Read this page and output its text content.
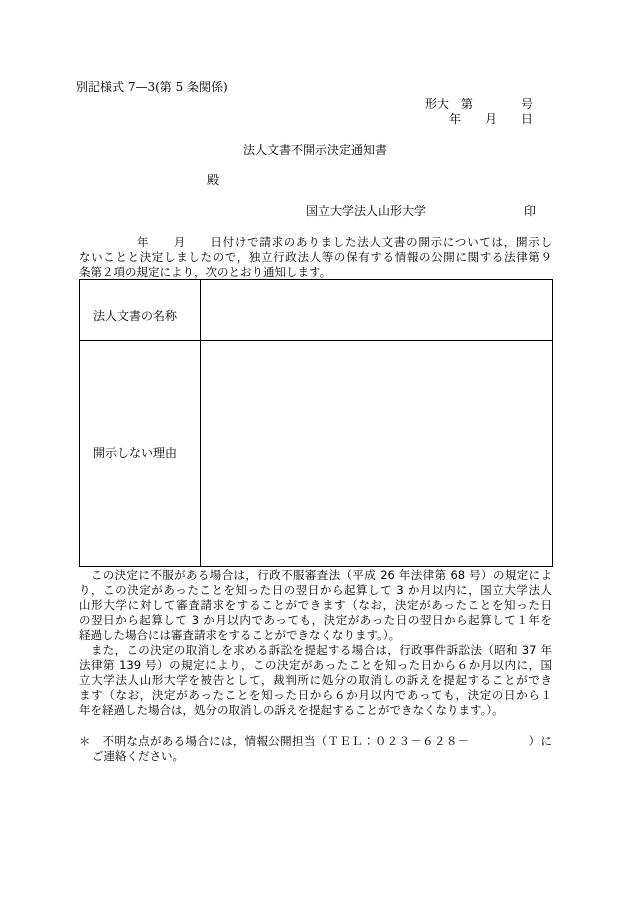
別記様式 7—3(第 5 条関係)
形大　第　　　　号
年　　月　　日
法人文書不開示決定通知書
殿
国立大学法人山形大学	印
年　　月　　日付けで請求のありました法人文書の開示については，開示し
ないことと決定しましたので，独立行政法人等の保有する情報の公開に関する法律第９
条第２項の規定により，次のとおり通知します。
法人文書の名称
開示しない理由
　この決定に不服がある場合は，行政不服審査法（平成 26 年法律第 68 号）の規定によ
り，この決定があったことを知った日の翌日から起算して 3 か月以内に，国立大学法人
山形大学に対して審査請求をすることができます（なお，決定があったことを知った日
の翌日から起算して 3 か月以内であっても，決定があった日の翌日から起算して１年を
経過した場合には審査請求をすることができなくなります。）。
　また，この決定の取消しを求める訴訟を提起する場合は，行政事件訴訟法（昭和 37 年
法律第 139 号）の規定により，この決定があったことを知った日から６か月以内に，国
立大学法人山形大学を被告として，裁判所に処分の取消しの訴えを提起することができ
ます（なお，決定があったことを知った日から６か月以内であっても，決定の日から１
年を経過した場合は，処分の取消しの訴えを提起することができなくなります。）。
＊　不明な点がある場合には，情報公開担当（ＴＥＬ：０２３－６２８－　　　　　）に
ご連絡ください。
